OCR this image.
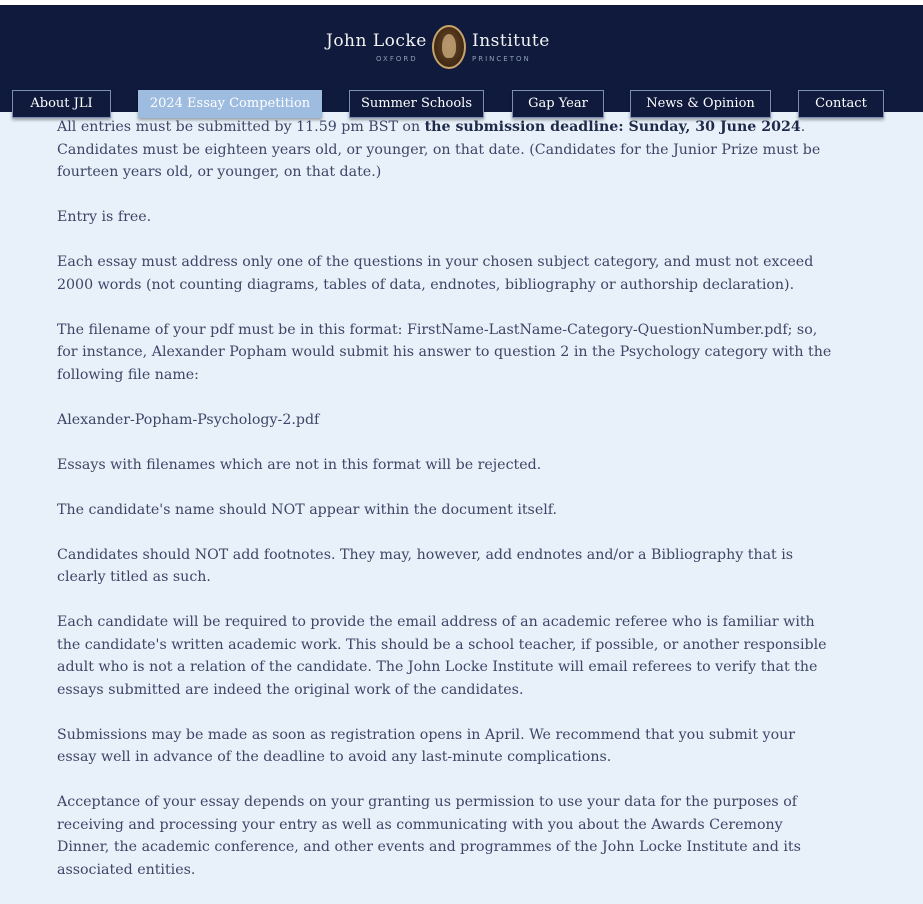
John Locke
OXFORD
Institute
PRINCETON
About JLI	2024 Essay Competition	Summer Schools	Gap Year	News & Opinion	Contact

All entries must be submitted by 11.59 pm BST on the submission deadline: Sunday, 30 June 2024. Candidates must be eighteen years old, or younger, on that date. (Candidates for the Junior Prize must be fourteen years old, or younger, on that date.)

Entry is free.

Each essay must address only one of the questions in your chosen subject category, and must not exceed 2000 words (not counting diagrams, tables of data, endnotes, bibliography or authorship declaration).

The filename of your pdf must be in this format: FirstName-LastName-Category-QuestionNumber.pdf; so, for instance, Alexander Popham would submit his answer to question 2 in the Psychology category with the following file name:

Alexander-Popham-Psychology-2.pdf

Essays with filenames which are not in this format will be rejected.

The candidate's name should NOT appear within the document itself.

Candidates should NOT add footnotes. They may, however, add endnotes and/or a Bibliography that is clearly titled as such.

Each candidate will be required to provide the email address of an academic referee who is familiar with the candidate's written academic work. This should be a school teacher, if possible, or another responsible adult who is not a relation of the candidate. The John Locke Institute will email referees to verify that the essays submitted are indeed the original work of the candidates.

Submissions may be made as soon as registration opens in April. We recommend that you submit your essay well in advance of the deadline to avoid any last-minute complications.

Acceptance of your essay depends on your granting us permission to use your data for the purposes of receiving and processing your entry as well as communicating with you about the Awards Ceremony Dinner, the academic conference, and other events and programmes of the John Locke Institute and its associated entities.
